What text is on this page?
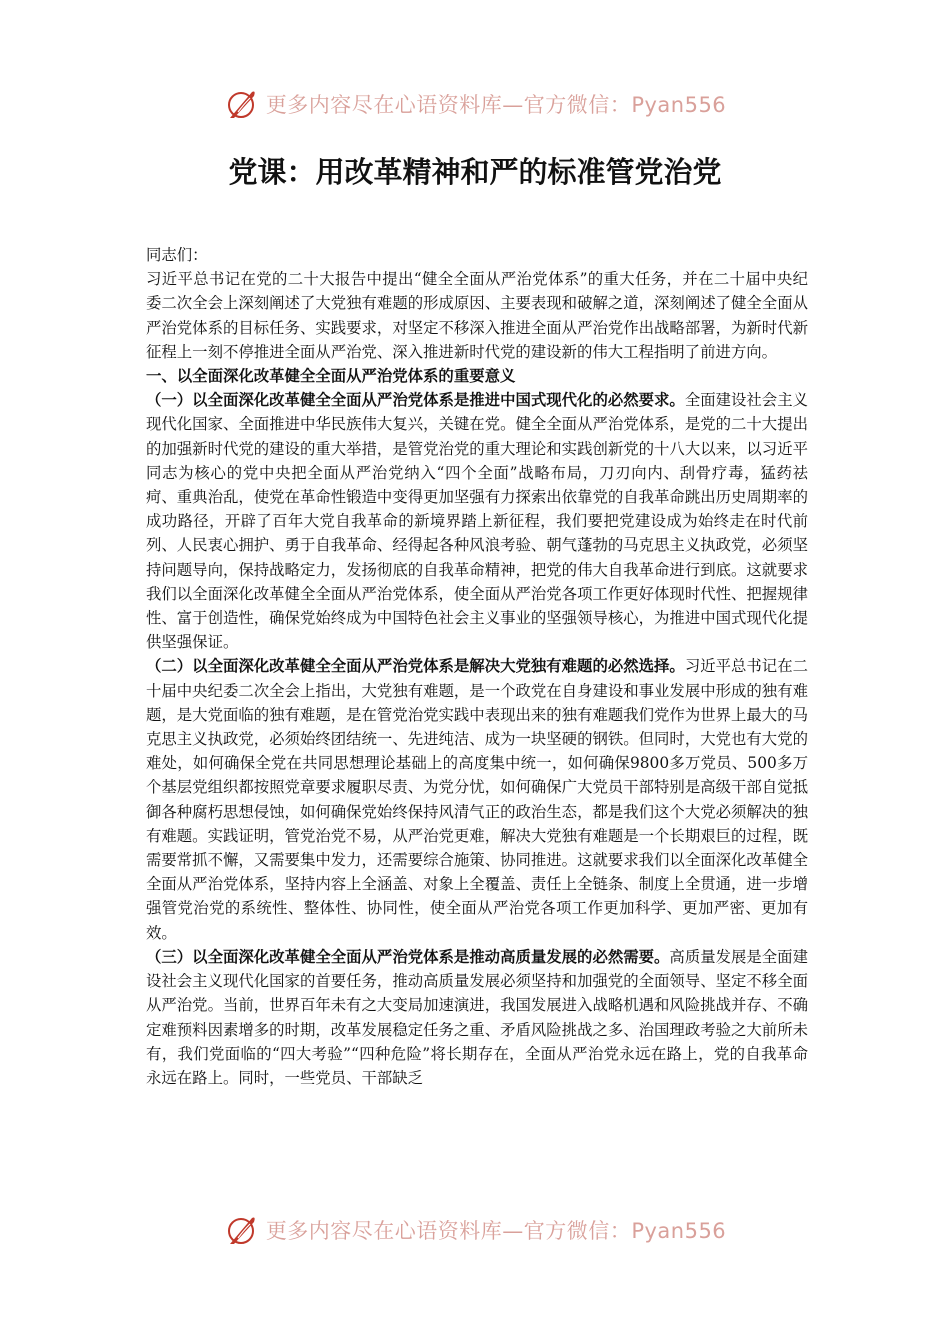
更多内容尽在心语资料库—官方微信：Pyan556
党课：用改革精神和严的标准管党治党

同志们：

习近平总书记在党的二十大报告中提出“健全全面从严治党体系”的重大任务，并在二十届中央纪委二次全会上深刻阐述了大党独有难题的形成原因、主要表现和破解之道，深刻阐述了健全全面从严治党体系的目标任务、实践要求，对坚定不移深入推进全面从严治党作出战略部署，为新时代新征程上一刻不停推进全面从严治党、深入推进新时代党的建设新的伟大工程指明了前进方向。

一、以全面深化改革健全全面从严治党体系的重要意义

（一）以全面深化改革健全全面从严治党体系是推进中国式现代化的必然要求。全面建设社会主义现代化国家、全面推进中华民族伟大复兴，关键在党。健全全面从严治党体系，是党的二十大提出的加强新时代党的建设的重大举措，是管党治党的重大理论和实践创新党的十八大以来，以习近平同志为核心的党中央把全面从严治党纳入“四个全面”战略布局，刀刃向内、刮骨疗毒，猛药祛疴、重典治乱，使党在革命性锻造中变得更加坚强有力探索出依靠党的自我革命跳出历史周期率的成功路径，开辟了百年大党自我革命的新境界踏上新征程，我们要把党建设成为始终走在时代前列、人民衷心拥护、勇于自我革命、经得起各种风浪考验、朝气蓬勃的马克思主义执政党，必须坚持问题导向，保持战略定力，发扬彻底的自我革命精神，把党的伟大自我革命进行到底。这就要求我们以全面深化改革健全全面从严治党体系，使全面从严治党各项工作更好体现时代性、把握规律性、富于创造性，确保党始终成为中国特色社会主义事业的坚强领导核心，为推进中国式现代化提供坚强保证。

（二）以全面深化改革健全全面从严治党体系是解决大党独有难题的必然选择。习近平总书记在二十届中央纪委二次全会上指出，大党独有难题，是一个政党在自身建设和事业发展中形成的独有难题，是大党面临的独有难题，是在管党治党实践中表现出来的独有难题我们党作为世界上最大的马克思主义执政党，必须始终团结统一、先进纯洁、成为一块坚硬的钢铁。但同时，大党也有大党的难处，如何确保全党在共同思想理论基础上的高度集中统一，如何确保9800多万党员、500多万个基层党组织都按照党章要求履职尽责、为党分忧，如何确保广大党员干部特别是高级干部自觉抵御各种腐朽思想侵蚀，如何确保党始终保持风清气正的政治生态，都是我们这个大党必须解决的独有难题。实践证明，管党治党不易，从严治党更难，解决大党独有难题是一个长期艰巨的过程，既需要常抓不懈，又需要集中发力，还需要综合施策、协同推进。这就要求我们以全面深化改革健全全面从严治党体系，坚持内容上全涵盖、对象上全覆盖、责任上全链条、制度上全贯通，进一步增强管党治党的系统性、整体性、协同性，使全面从严治党各项工作更加科学、更加严密、更加有效。

（三）以全面深化改革健全全面从严治党体系是推动高质量发展的必然需要。高质量发展是全面建设社会主义现代化国家的首要任务，推动高质量发展必须坚持和加强党的全面领导、坚定不移全面从严治党。当前，世界百年未有之大变局加速演进，我国发展进入战略机遇和风险挑战并存、不确定难预料因素增多的时期，改革发展稳定任务之重、矛盾风险挑战之多、治国理政考验之大前所未有，我们党面临的“四大考验”“四种危险”将长期存在，全面从严治党永远在路上，党的自我革命永远在路上。同时，一些党员、干部缺乏

更多内容尽在心语资料库—官方微信：Pyan556
